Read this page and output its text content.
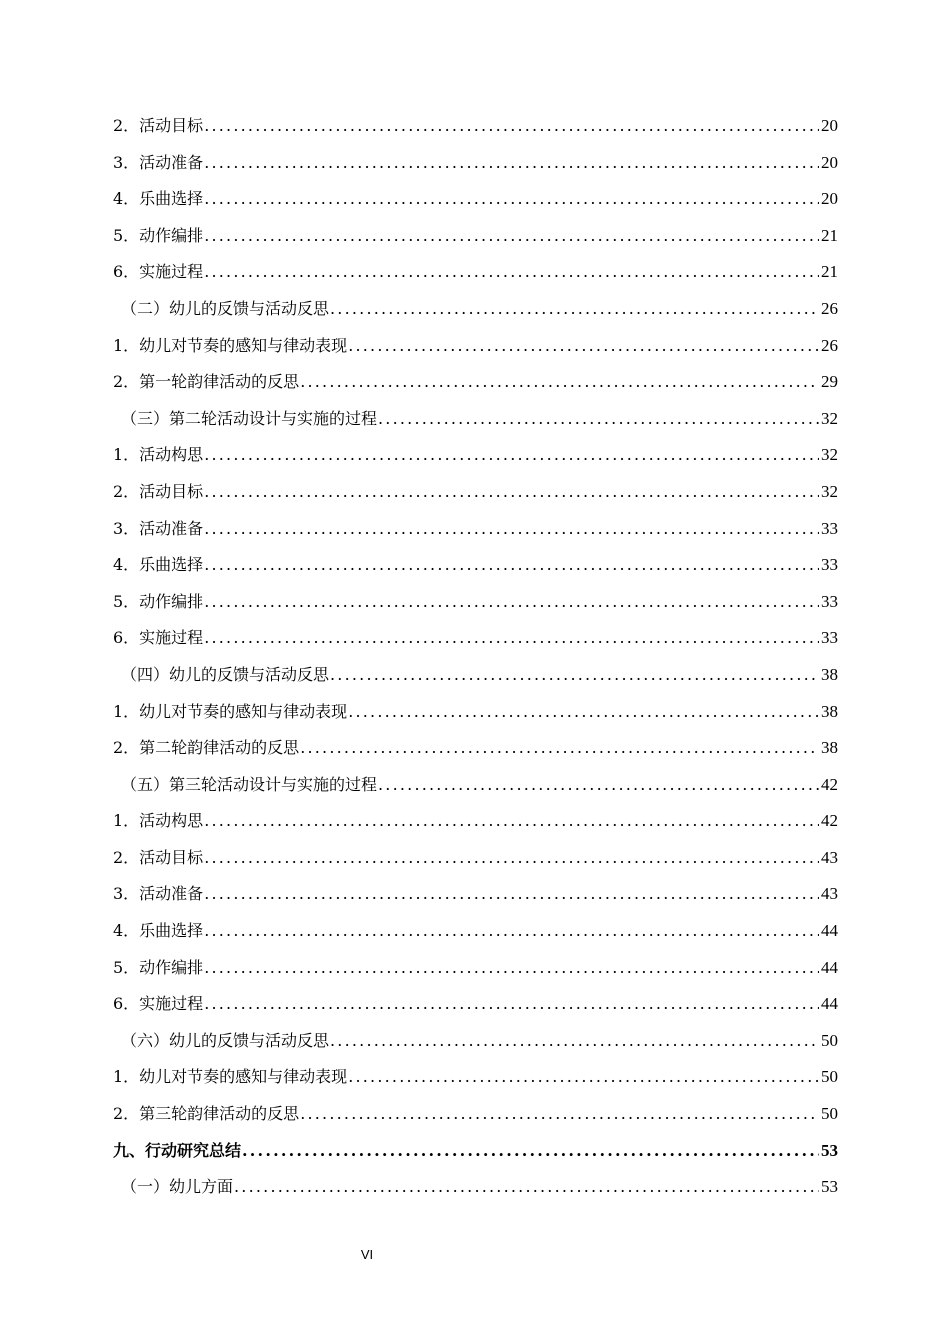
2．活动目标 .....	20
3．活动准备 .....	20
4．乐曲选择 .....	20
5．动作编排 .....	21
6．实施过程 .....	21
（二）幼儿的反馈与活动反思 .....	26
1．幼儿对节奏的感知与律动表现 .....	26
2．第一轮韵律活动的反思 .....	29
（三）第二轮活动设计与实施的过程 .....	32
1．活动构思 .....	32
2．活动目标 .....	32
3．活动准备 .....	33
4．乐曲选择 .....	33
5．动作编排 .....	33
6．实施过程 .....	33
（四）幼儿的反馈与活动反思 .....	38
1．幼儿对节奏的感知与律动表现 .....	38
2．第二轮韵律活动的反思 .....	38
（五）第三轮活动设计与实施的过程 .....	42
1．活动构思 .....	42
2．活动目标 .....	43
3．活动准备 .....	43
4．乐曲选择 .....	44
5．动作编排 .....	44
6．实施过程 .....	44
（六）幼儿的反馈与活动反思 .....	50
1．幼儿对节奏的感知与律动表现 .....	50
2．第三轮韵律活动的反思 .....	50
九、行动研究总结 .....	53
（一）幼儿方面 .....	53
VI
